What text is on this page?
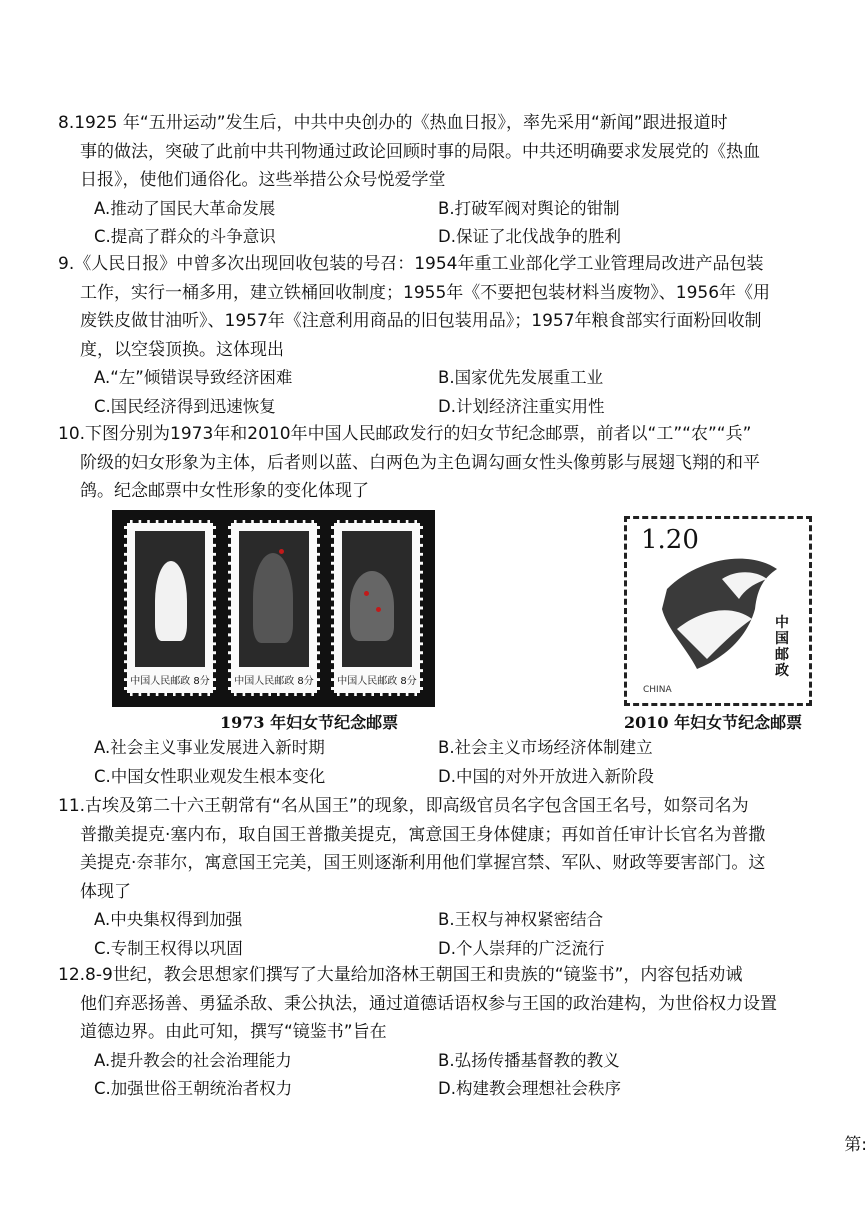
8.1925 年“五卅运动”发生后，中共中央创办的《热血日报》，率先采用“新闻”跟进报道时
事的做法，突破了此前中共刊物通过政论回顾时事的局限。中共还明确要求发展党的《热血
日报》，使他们通俗化。这些举措公众号悦爱学堂

A.推动了国民大革命发展	B.打破军阀对舆论的钳制
C.提高了群众的斗争意识	D.保证了北伐战争的胜利

9.《人民日报》中曾多次出现回收包装的号召：1954年重工业部化学工业管理局改进产品包装
工作，实行一桶多用，建立铁桶回收制度；1955年《不要把包装材料当废物》、1956年《用
废铁皮做甘油听》、1957年《注意利用商品的旧包装用品》；1957年粮食部实行面粉回收制
度，以空袋顶换。这体现出

A.“左”倾错误导致经济困难	B.国家优先发展重工业
C.国民经济得到迅速恢复	D.计划经济注重实用性

10.下图分别为1973年和2010年中国人民邮政发行的妇女节纪念邮票，前者以“工”“农”“兵”
阶级的妇女形象为主体，后者则以蓝、白两色为主色调勾画女性头像剪影与展翅飞翔的和平
鸽。纪念邮票中女性形象的变化体现了

中国人民邮政 8分	中国人民邮政 8分	中国人民邮政 8分
1.20
中国邮政
CHINA
1973 年妇女节纪念邮票	2010 年妇女节纪念邮票
A.社会主义事业发展进入新时期	B.社会主义市场经济体制建立
C.中国女性职业观发生根本变化	D.中国的对外开放进入新阶段

11.古埃及第二十六王朝常有“名从国王”的现象，即高级官员名字包含国王名号，如祭司名为
普撒美提克·塞内布，取自国王普撒美提克，寓意国王身体健康；再如首任审计长官名为普撒
美提克·奈菲尔，寓意国王完美，国王则逐渐利用他们掌握宫禁、军队、财政等要害部门。这
体现了

A.中央集权得到加强	B.王权与神权紧密结合
C.专制王权得以巩固	D.个人崇拜的广泛流行

12.8-9世纪，教会思想家们撰写了大量给加洛林王朝国王和贵族的“镜鉴书”，内容包括劝诫
他们弃恶扬善、勇猛杀敌、秉公执法，通过道德话语权参与王国的政治建构，为世俗权力设置
道德边界。由此可知，撰写“镜鉴书”旨在

A.提升教会的社会治理能力	B.弘扬传播基督教的教义
C.加强世俗王朝统治者权力	D.构建教会理想社会秩序
第:
